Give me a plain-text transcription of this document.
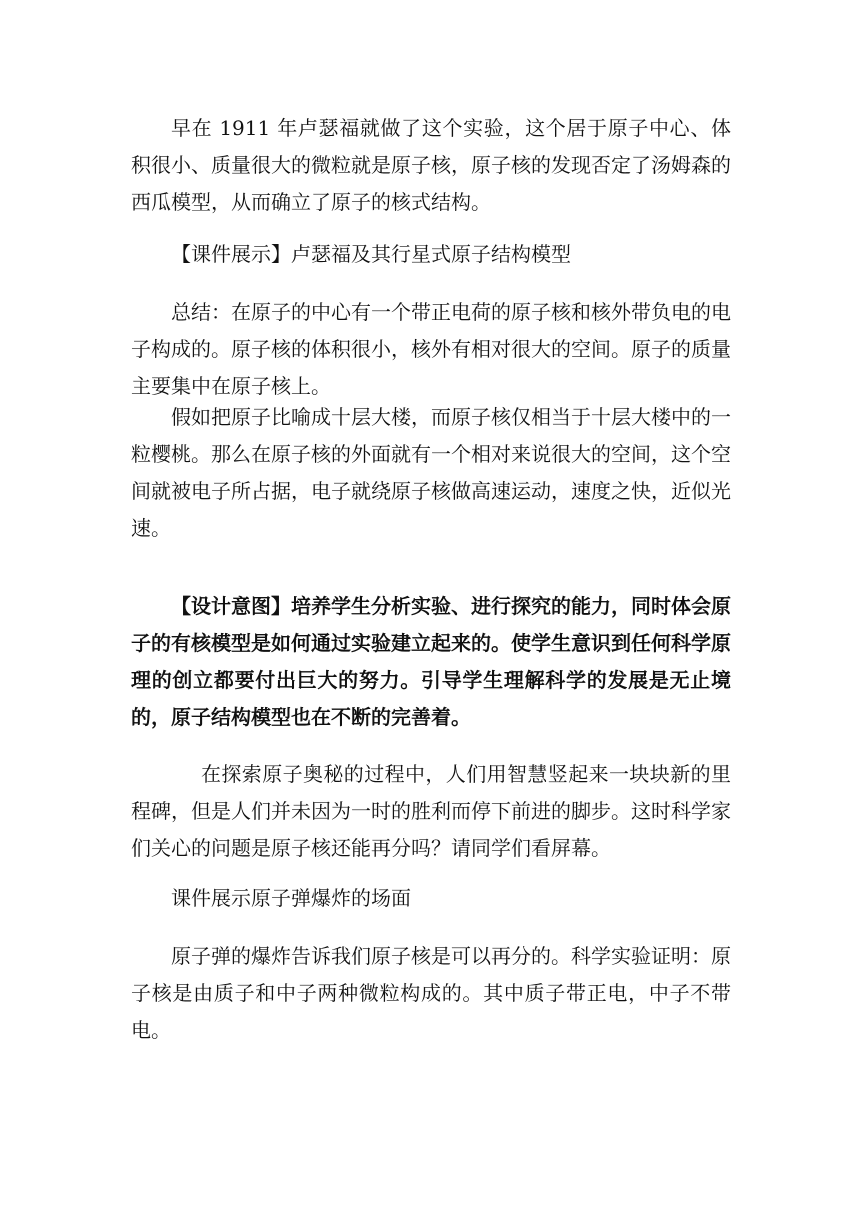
早在 1911 年卢瑟福就做了这个实验，这个居于原子中心、体积很小、质量很大的微粒就是原子核，原子核的发现否定了汤姆森的西瓜模型，从而确立了原子的核式结构。

【课件展示】卢瑟福及其行星式原子结构模型

总结：在原子的中心有一个带正电荷的原子核和核外带负电的电子构成的。原子核的体积很小，核外有相对很大的空间。原子的质量主要集中在原子核上。

假如把原子比喻成十层大楼，而原子核仅相当于十层大楼中的一粒樱桃。那么在原子核的外面就有一个相对来说很大的空间，这个空间就被电子所占据，电子就绕原子核做高速运动，速度之快，近似光速。

【设计意图】培养学生分析实验、进行探究的能力，同时体会原子的有核模型是如何通过实验建立起来的。使学生意识到任何科学原理的创立都要付出巨大的努力。引导学生理解科学的发展是无止境的，原子结构模型也在不断的完善着。

在探索原子奥秘的过程中，人们用智慧竖起来一块块新的里程碑，但是人们并未因为一时的胜利而停下前进的脚步。这时科学家们关心的问题是原子核还能再分吗？请同学们看屏幕。

课件展示原子弹爆炸的场面

原子弹的爆炸告诉我们原子核是可以再分的。科学实验证明：原子核是由质子和中子两种微粒构成的。其中质子带正电，中子不带电。
